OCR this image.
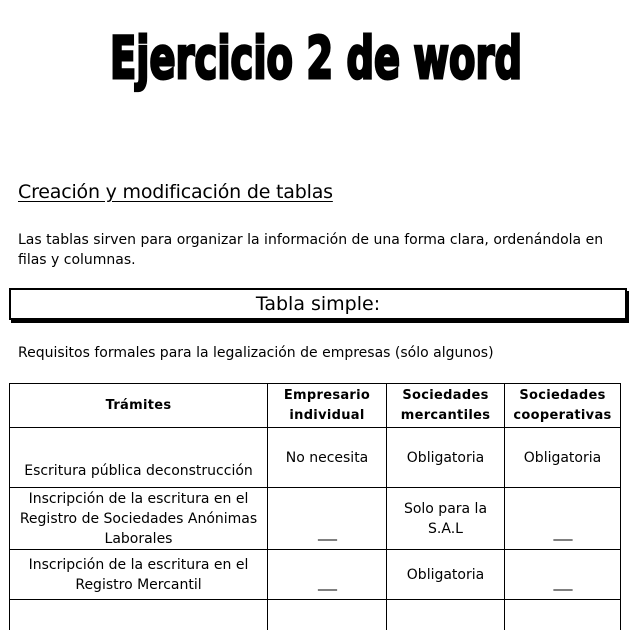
Ejercicio 2 de word
Creación y modificación de tablas

Las tablas sirven para organizar la información de una forma clara, ordenándola en filas y columnas.

Tabla simple:

Requisitos formales para la legalización de empresas (sólo algunos)

Trámites	Empresario individual	Sociedades mercantiles	Sociedades cooperativas
Escritura pública deconstrucción	No necesita	Obligatoria	Obligatoria
Inscripción de la escritura en el Registro de Sociedades Anónimas Laborales	___	Solo para la S.A.L	___
Inscripción de la escritura en el Registro Mercantil	___	Obligatoria	___
